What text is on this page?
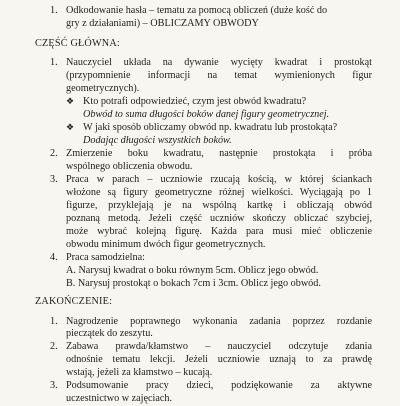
1. Odkodowanie hasła – tematu za pomocą obliczeń (duże kość do
gry z działaniami) – OBLICZAMY OBWODY
CZĘŚĆ GŁÓWNA:
1. Nauczyciel układa na dywanie wycięty kwadrat i prostokąt
(przypomnienie informacji na temat wymienionych figur
geometrycznych).
❖ Kto potrafi odpowiedzieć, czym jest obwód kwadratu?
Obwód to suma długości boków danej figury geometrycznej.
❖ W jaki sposób obliczamy obwód np. kwadratu lub prostokąta?
Dodając długości wszystkich boków.
2. Zmierzenie boku kwadratu, następnie prostokąta i próba
wspólnego obliczenia obwodu.
3. Praca w parach – uczniowie rzucają kością, w której ściankach
włożone są figury geometryczne różnej wielkości. Wyciągają po 1
figurze, przyklejają je na wspólną kartkę i obliczają obwód
poznaną metodą. Jeżeli część uczniów skończy obliczać szybciej,
może wybrać kolejną figurę. Każda para musi mieć obliczenie
obwodu minimum dwóch figur geometrycznych.
4. Praca samodzielna:
A. Narysuj kwadrat o boku równym 5cm. Oblicz jego obwód.
B. Narysuj prostokąt o bokach 7cm i 3cm. Oblicz jego obwód.
ZAKOŃCZENIE:
1. Nagrodzenie poprawnego wykonania zadania poprzez rozdanie
pieczątek do zeszytu.
2. Zabawa prawda/kłamstwo – nauczyciel odczytuje zdania
odnośnie tematu lekcji. Jeżeli uczniowie uznają to za prawdę
wstają, jeżeli za kłamstwo – kucają.
3. Podsumowanie pracy dzieci, podziękowanie za aktywne
uczestnictwo w zajęciach.
